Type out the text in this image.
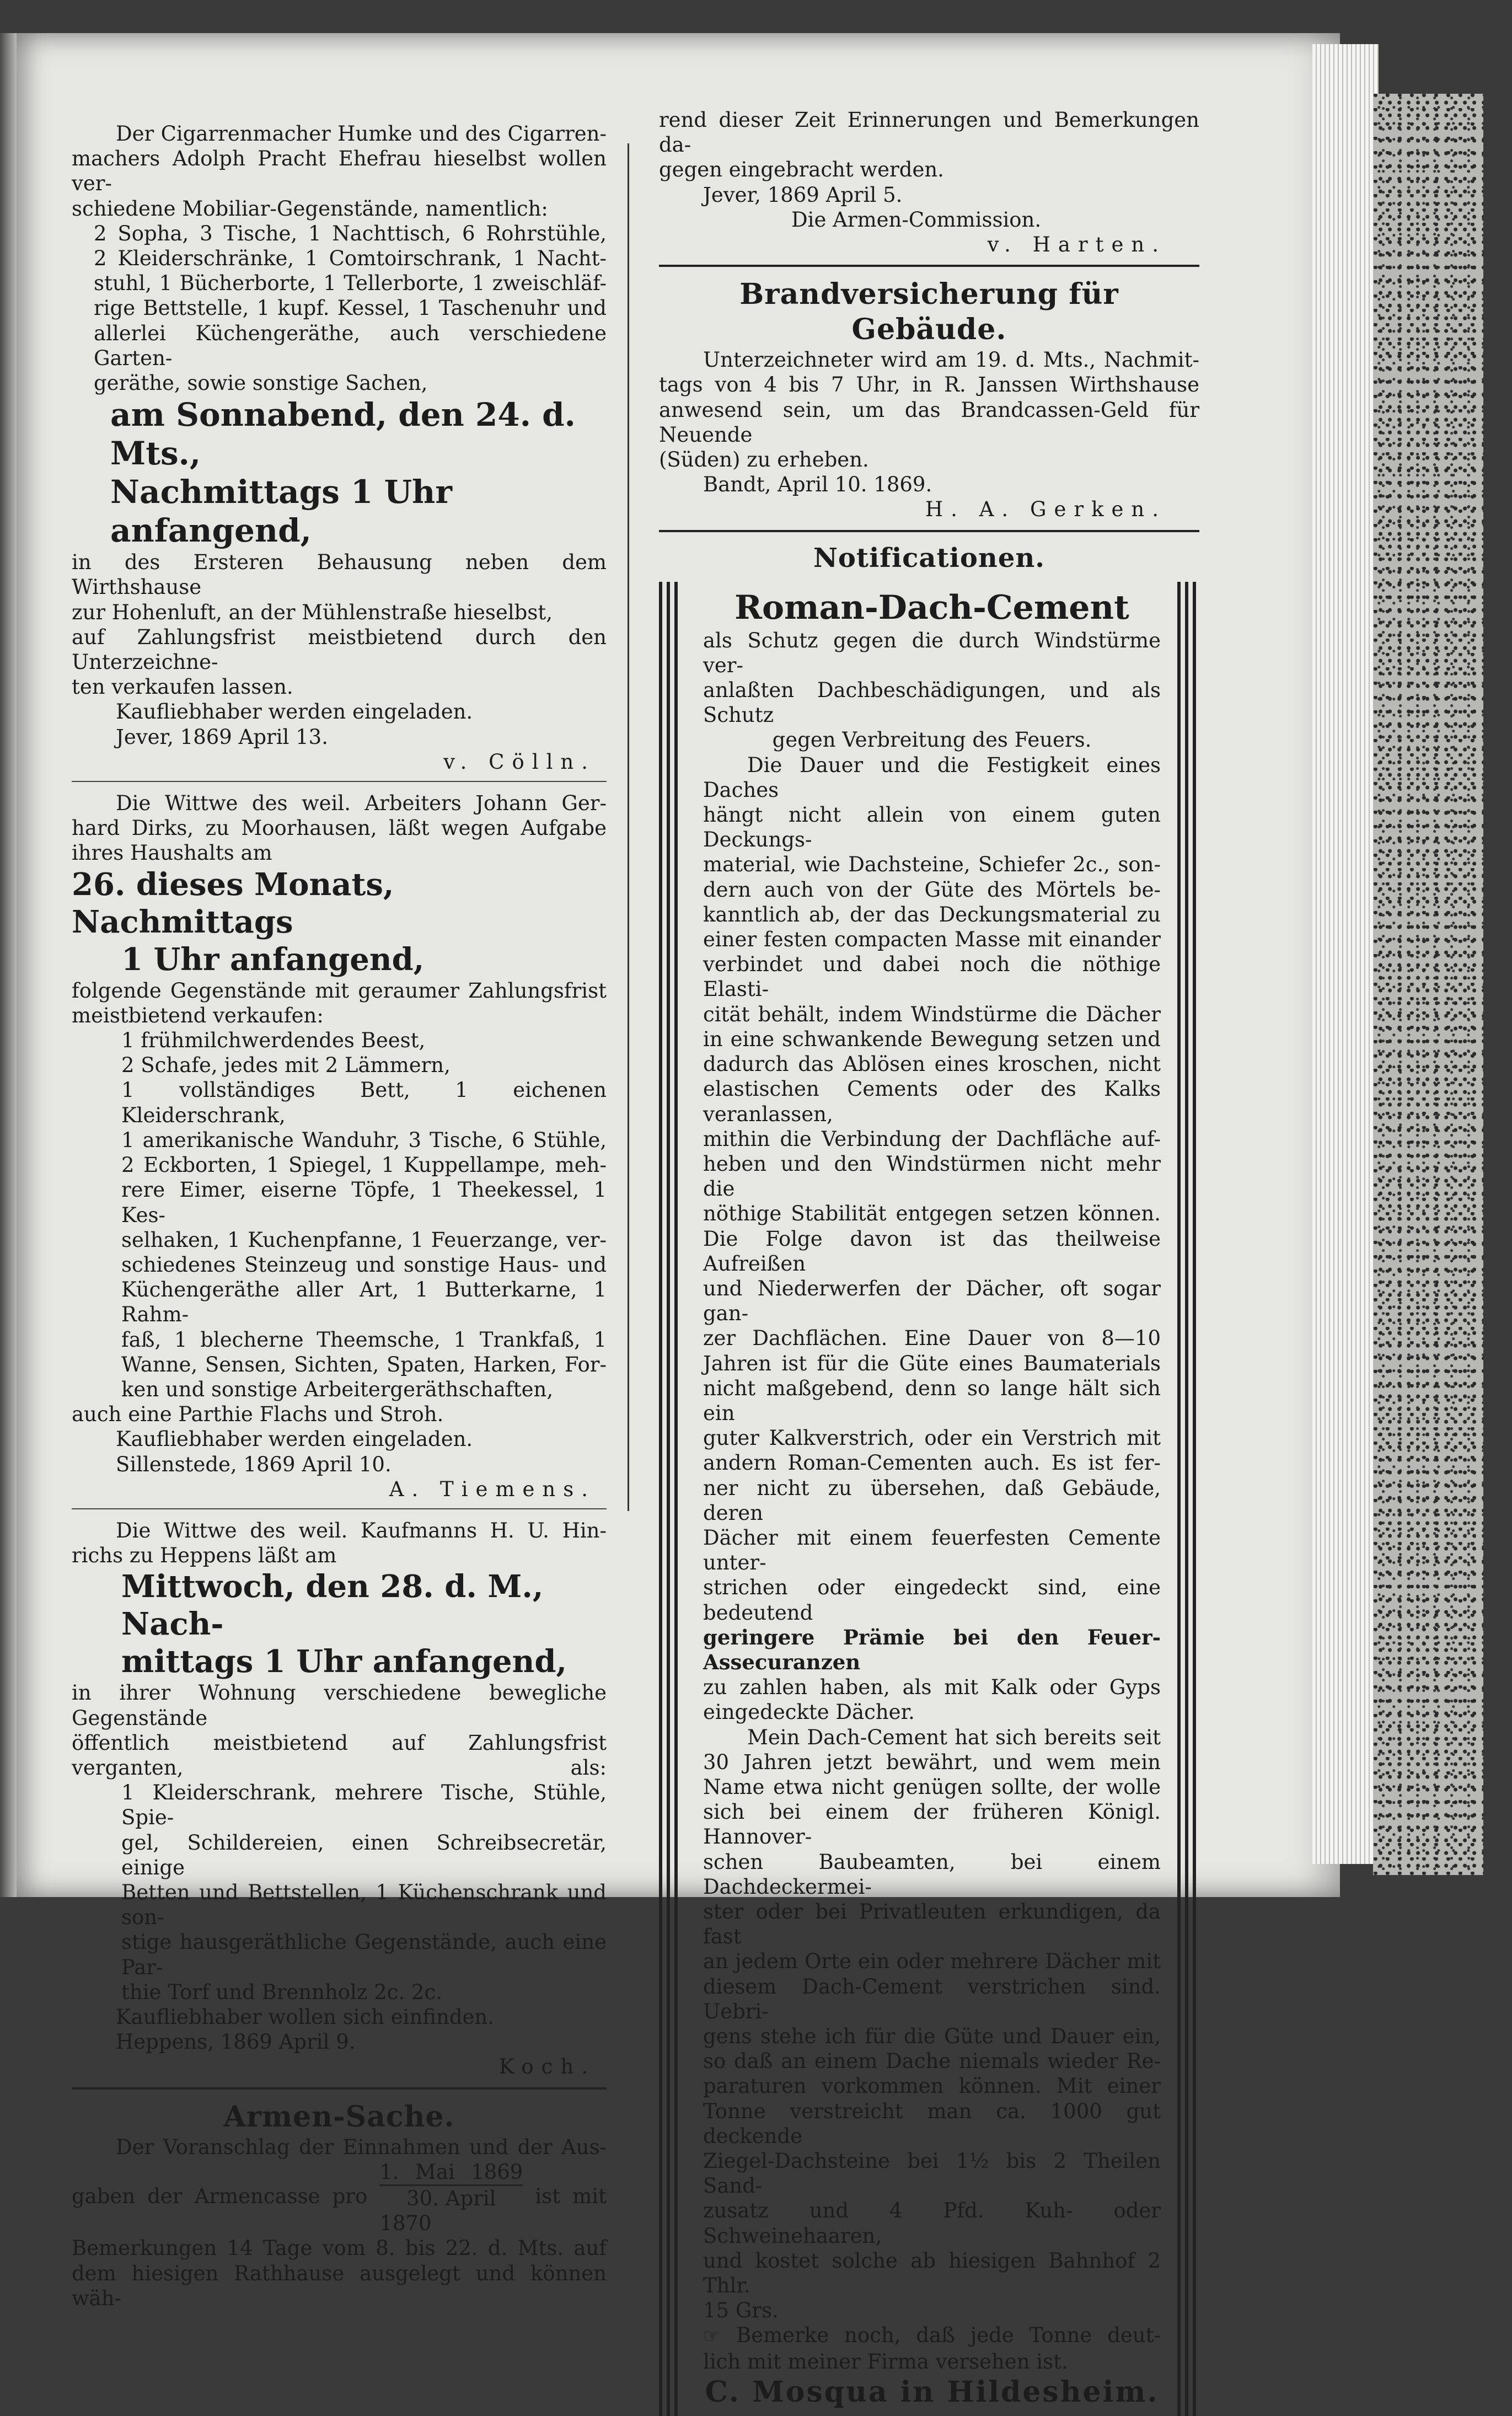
Der Cigarrenmacher Humke und des Cigarren-

machers Adolph Pracht Ehefrau hieselbst wollen ver-

schiedene Mobiliar-Gegenstände, namentlich:

2 Sopha, 3 Tische, 1 Nachttisch, 6 Rohrstühle,

2 Kleiderschränke, 1 Comtoirschrank, 1 Nacht-

stuhl, 1 Bücherborte, 1 Tellerborte, 1 zweischläf-

rige Bettstelle, 1 kupf. Kessel, 1 Taschenuhr und

allerlei Küchengeräthe, auch verschiedene Garten-

geräthe, sowie sonstige Sachen,

am Sonnabend, den 24. d. Mts.,

Nachmittags 1 Uhr anfangend,

in des Ersteren Behausung neben dem Wirthshause

zur Hohenluft, an der Mühlenstraße hieselbst,

auf Zahlungsfrist meistbietend durch den Unterzeichne-

ten verkaufen lassen.

Kaufliebhaber werden eingeladen.

Jever, 1869 April 13.

v. Cölln.

Die Wittwe des weil. Arbeiters Johann Ger-

hard Dirks, zu Moorhausen, läßt wegen Aufgabe

ihres Haushalts am

26. dieses Monats, Nachmittags

1 Uhr anfangend,

folgende Gegenstände mit geraumer Zahlungsfrist

meistbietend verkaufen:

1 frühmilchwerdendes Beest,

2 Schafe, jedes mit 2 Lämmern,

1 vollständiges Bett, 1 eichenen Kleiderschrank,

1 amerikanische Wanduhr, 3 Tische, 6 Stühle,

2 Eckborten, 1 Spiegel, 1 Kuppellampe, meh-

rere Eimer, eiserne Töpfe, 1 Theekessel, 1 Kes-

selhaken, 1 Kuchenpfanne, 1 Feuerzange, ver-

schiedenes Steinzeug und sonstige Haus- und

Küchengeräthe aller Art, 1 Butterkarne, 1 Rahm-

faß, 1 blecherne Theemsche, 1 Trankfaß, 1

Wanne, Sensen, Sichten, Spaten, Harken, For-

ken und sonstige Arbeitergeräthschaften,

auch eine Parthie Flachs und Stroh.

Kaufliebhaber werden eingeladen.

Sillenstede, 1869 April 10.

A. Tiemens.

Die Wittwe des weil. Kaufmanns H. U. Hin-

richs zu Heppens läßt am

Mittwoch, den 28. d. M., Nach-

mittags 1 Uhr anfangend,

in ihrer Wohnung verschiedene bewegliche Gegenstände

öffentlich meistbietend auf Zahlungsfrist verganten, als:

1 Kleiderschrank, mehrere Tische, Stühle, Spie-

gel, Schildereien, einen Schreibsecretär, einige

Betten und Bettstellen, 1 Küchenschrank und son-

stige hausgeräthliche Gegenstände, auch eine Par-

thie Torf und Brennholz 2c. 2c.

Kaufliebhaber wollen sich einfinden.

Heppens, 1869 April 9.

Koch.

Armen-Sache.

Der Voranschlag der Einnahmen und der Aus-

gaben der Armencasse pro $\frac{\text{1. Mai 1869}}{\text{30. April 1870}}$ ist mit

Bemerkungen 14 Tage vom 8. bis 22. d. Mts. auf

dem hiesigen Rathhause ausgelegt und können wäh-

rend dieser Zeit Erinnerungen und Bemerkungen da-

gegen eingebracht werden.

Jever, 1869 April 5.

Die Armen-Commission.

v. Harten.

Brandversicherung für Gebäude.

Unterzeichneter wird am 19. d. Mts., Nachmit-

tags von 4 bis 7 Uhr, in R. Janssen Wirthshause

anwesend sein, um das Brandcassen-Geld für Neuende

(Süden) zu erheben.

Bandt, April 10. 1869.

H. A. Gerken.

Notificationen.

Roman-Dach-Cement

als Schutz gegen die durch Windstürme ver-

anlaßten Dachbeschädigungen, und als Schutz

gegen Verbreitung des Feuers.

Die Dauer und die Festigkeit eines Daches

hängt nicht allein von einem guten Deckungs-

material, wie Dachsteine, Schiefer 2c., son-

dern auch von der Güte des Mörtels be-

kanntlich ab, der das Deckungsmaterial zu

einer festen compacten Masse mit einander

verbindet und dabei noch die nöthige Elasti-

cität behält, indem Windstürme die Dächer

in eine schwankende Bewegung setzen und

dadurch das Ablösen eines kroschen, nicht

elastischen Cements oder des Kalks veranlassen,

mithin die Verbindung der Dachfläche auf-

heben und den Windstürmen nicht mehr die

nöthige Stabilität entgegen setzen können.

Die Folge davon ist das theilweise Aufreißen

und Niederwerfen der Dächer, oft sogar gan-

zer Dachflächen. Eine Dauer von 8—10

Jahren ist für die Güte eines Baumaterials

nicht maßgebend, denn so lange hält sich ein

guter Kalkverstrich, oder ein Verstrich mit

andern Roman-Cementen auch. Es ist fer-

ner nicht zu übersehen, daß Gebäude, deren

Dächer mit einem feuerfesten Cemente unter-

strichen oder eingedeckt sind, eine bedeutend

geringere Prämie bei den Feuer-Assecuranzen

zu zahlen haben, als mit Kalk oder Gyps

eingedeckte Dächer.

Mein Dach-Cement hat sich bereits seit

30 Jahren jetzt bewährt, und wem mein

Name etwa nicht genügen sollte, der wolle

sich bei einem der früheren Königl. Hannover-

schen Baubeamten, bei einem Dachdeckermei-

ster oder bei Privatleuten erkundigen, da fast

an jedem Orte ein oder mehrere Dächer mit

diesem Dach-Cement verstrichen sind. Uebri-

gens stehe ich für die Güte und Dauer ein,

so daß an einem Dache niemals wieder Re-

paraturen vorkommen können. Mit einer

Tonne verstreicht man ca. 1000 gut deckende

Ziegel-Dachsteine bei 1½ bis 2 Theilen Sand-

zusatz und 4 Pfd. Kuh- oder Schweinehaaren,

und kostet solche ab hiesigen Bahnhof 2 Thlr.

15 Grs.

☞ Bemerke noch, daß jede Tonne deut-

lich mit meiner Firma versehen ist.

C. Mosqua in Hildesheim.
